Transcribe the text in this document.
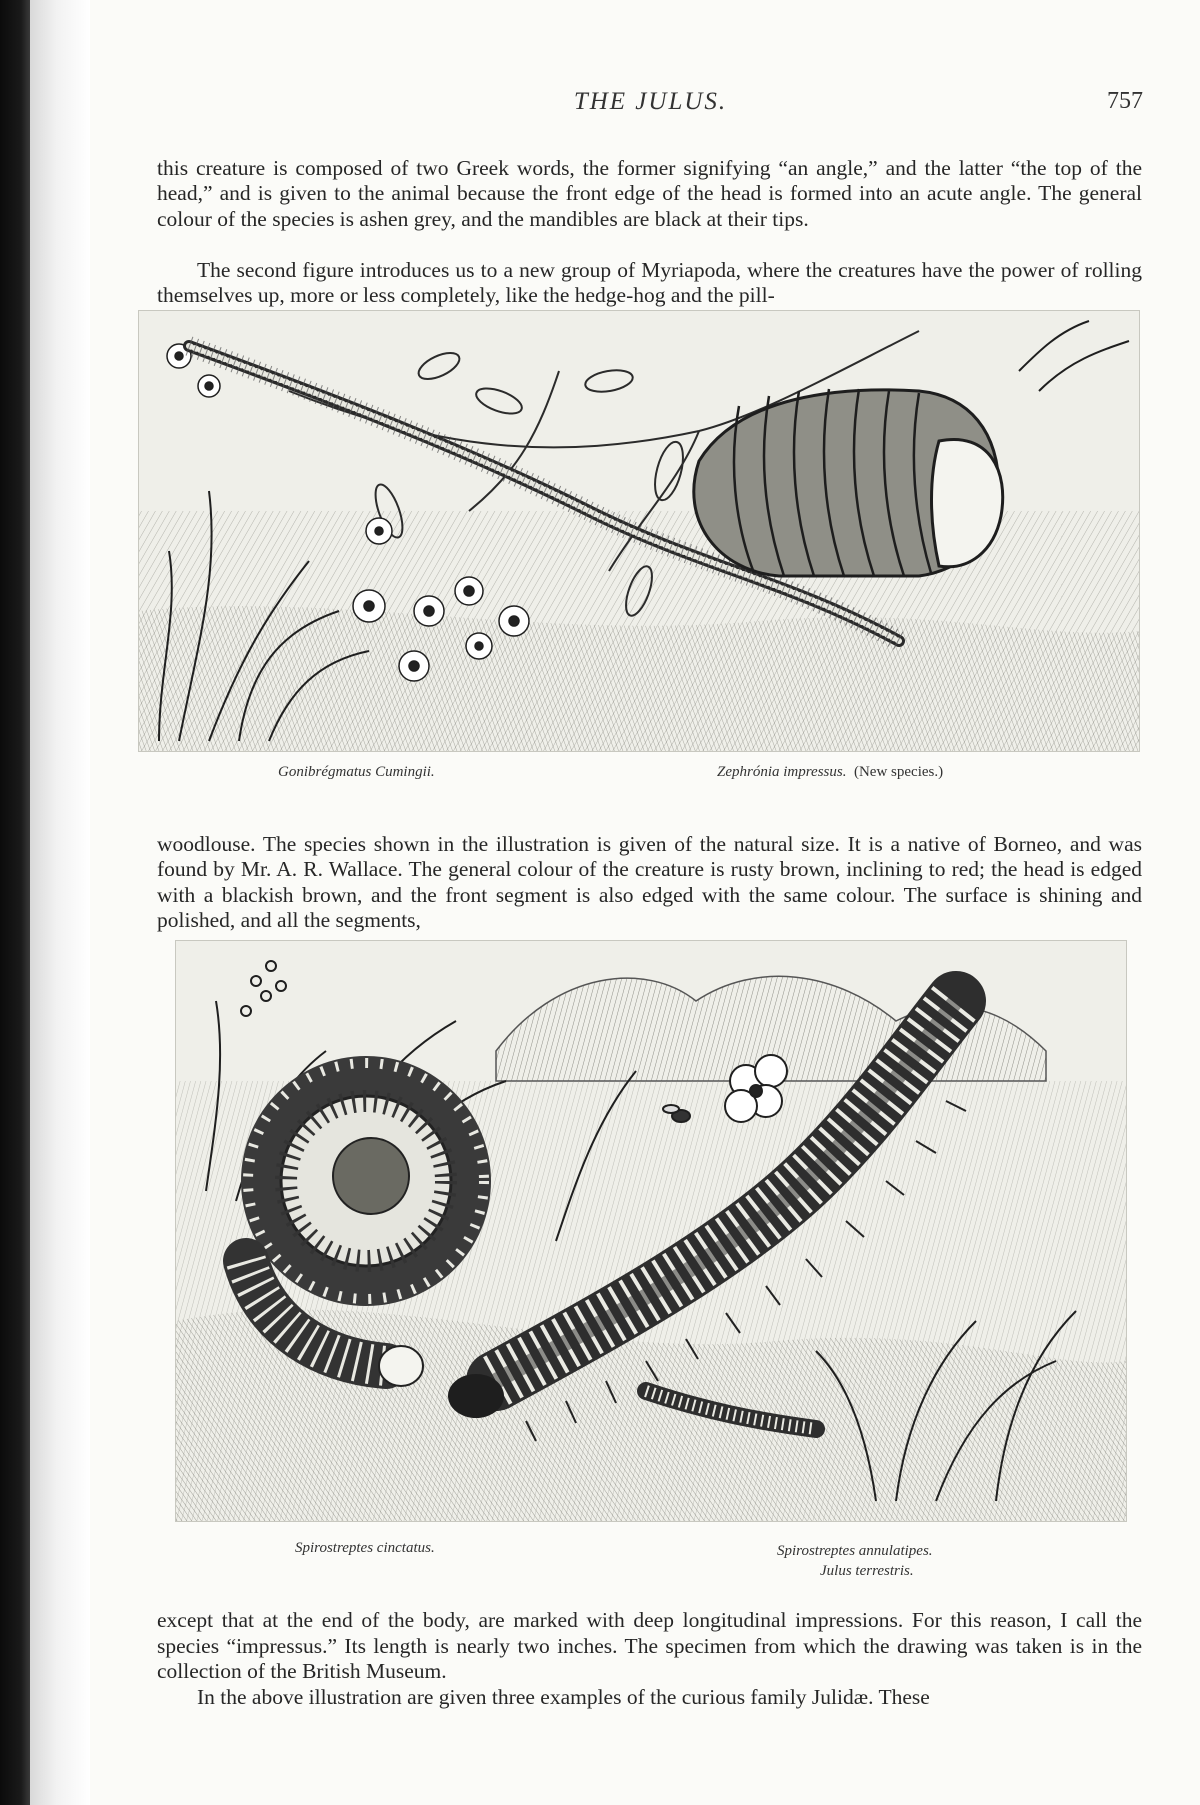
THE JULUS.	757

this creature is composed of two Greek words, the former signifying “an angle,” and the latter “the top of the head,” and is given to the animal because the front edge of the head is formed into an acute angle. The general colour of the species is ashen grey, and the mandibles are black at their tips.

The second figure introduces us to a new group of Myriapoda, where the creatures have the power of rolling themselves up, more or less completely, like the hedge-hog and the pill-

Gonibrégmatus Cumingii.	Zephrónia impressus. (New species.)

woodlouse. The species shown in the illustration is given of the natural size. It is a native of Borneo, and was found by Mr. A. R. Wallace. The general colour of the creature is rusty brown, inclining to red; the head is edged with a blackish brown, and the front segment is also edged with the same colour. The surface is shining and polished, and all the segments,

Spirostreptes cinctatus.	Spirostreptes annulatipes.
Julus terrestris.
except that at the end of the body, are marked with deep longitudinal impressions. For this reason, I call the species “impressus.” Its length is nearly two inches. The specimen from which the drawing was taken is in the collection of the British Museum.
In the above illustration are given three examples of the curious family Julidæ. These
